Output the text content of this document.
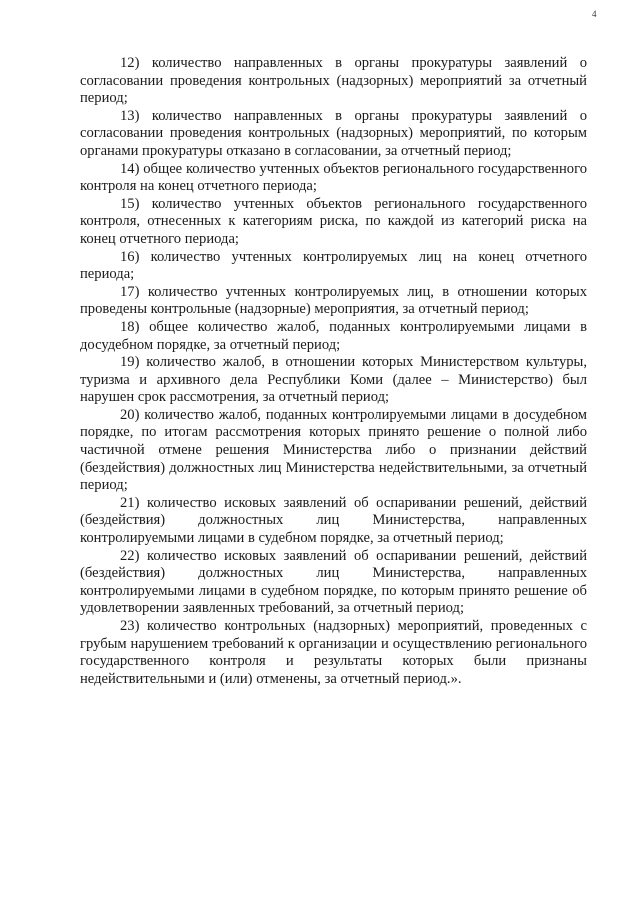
4

12) количество направленных в органы прокуратуры заявлений о согласовании проведения контрольных (надзорных) мероприятий за отчетный период;

13) количество направленных в органы прокуратуры заявлений о согласовании проведения контрольных (надзорных) мероприятий, по которым органами прокуратуры отказано в согласовании, за отчетный период;

14) общее количество учтенных объектов регионального государственного контроля на конец отчетного периода;

15) количество учтенных объектов регионального государственного контроля, отнесенных к категориям риска, по каждой из категорий риска на конец отчетного периода;

16) количество учтенных контролируемых лиц на конец отчетного периода;

17) количество учтенных контролируемых лиц, в отношении которых проведены контрольные (надзорные) мероприятия, за отчетный период;

18) общее количество жалоб, поданных контролируемыми лицами в досудебном порядке, за отчетный период;

19) количество жалоб, в отношении которых Министерством культуры, туризма и архивного дела Республики Коми (далее – Министерство) был нарушен срок рассмотрения, за отчетный период;

20) количество жалоб, поданных контролируемыми лицами в досудебном порядке, по итогам рассмотрения которых принято решение о полной либо частичной отмене решения Министерства либо о признании действий (бездействия) должностных лиц Министерства недействительными, за отчетный период;

21) количество исковых заявлений об оспаривании решений, действий (бездействия) должностных лиц Министерства, направленных контролируемыми лицами в судебном порядке, за отчетный период;

22) количество исковых заявлений об оспаривании решений, действий (бездействия) должностных лиц Министерства, направленных контролируемыми лицами в судебном порядке, по которым принято решение об удовлетворении заявленных требований, за отчетный период;

23) количество контрольных (надзорных) мероприятий, проведенных с грубым нарушением требований к организации и осуществлению регионального государственного контроля и результаты которых были признаны недействительными и (или) отменены, за отчетный период.».
